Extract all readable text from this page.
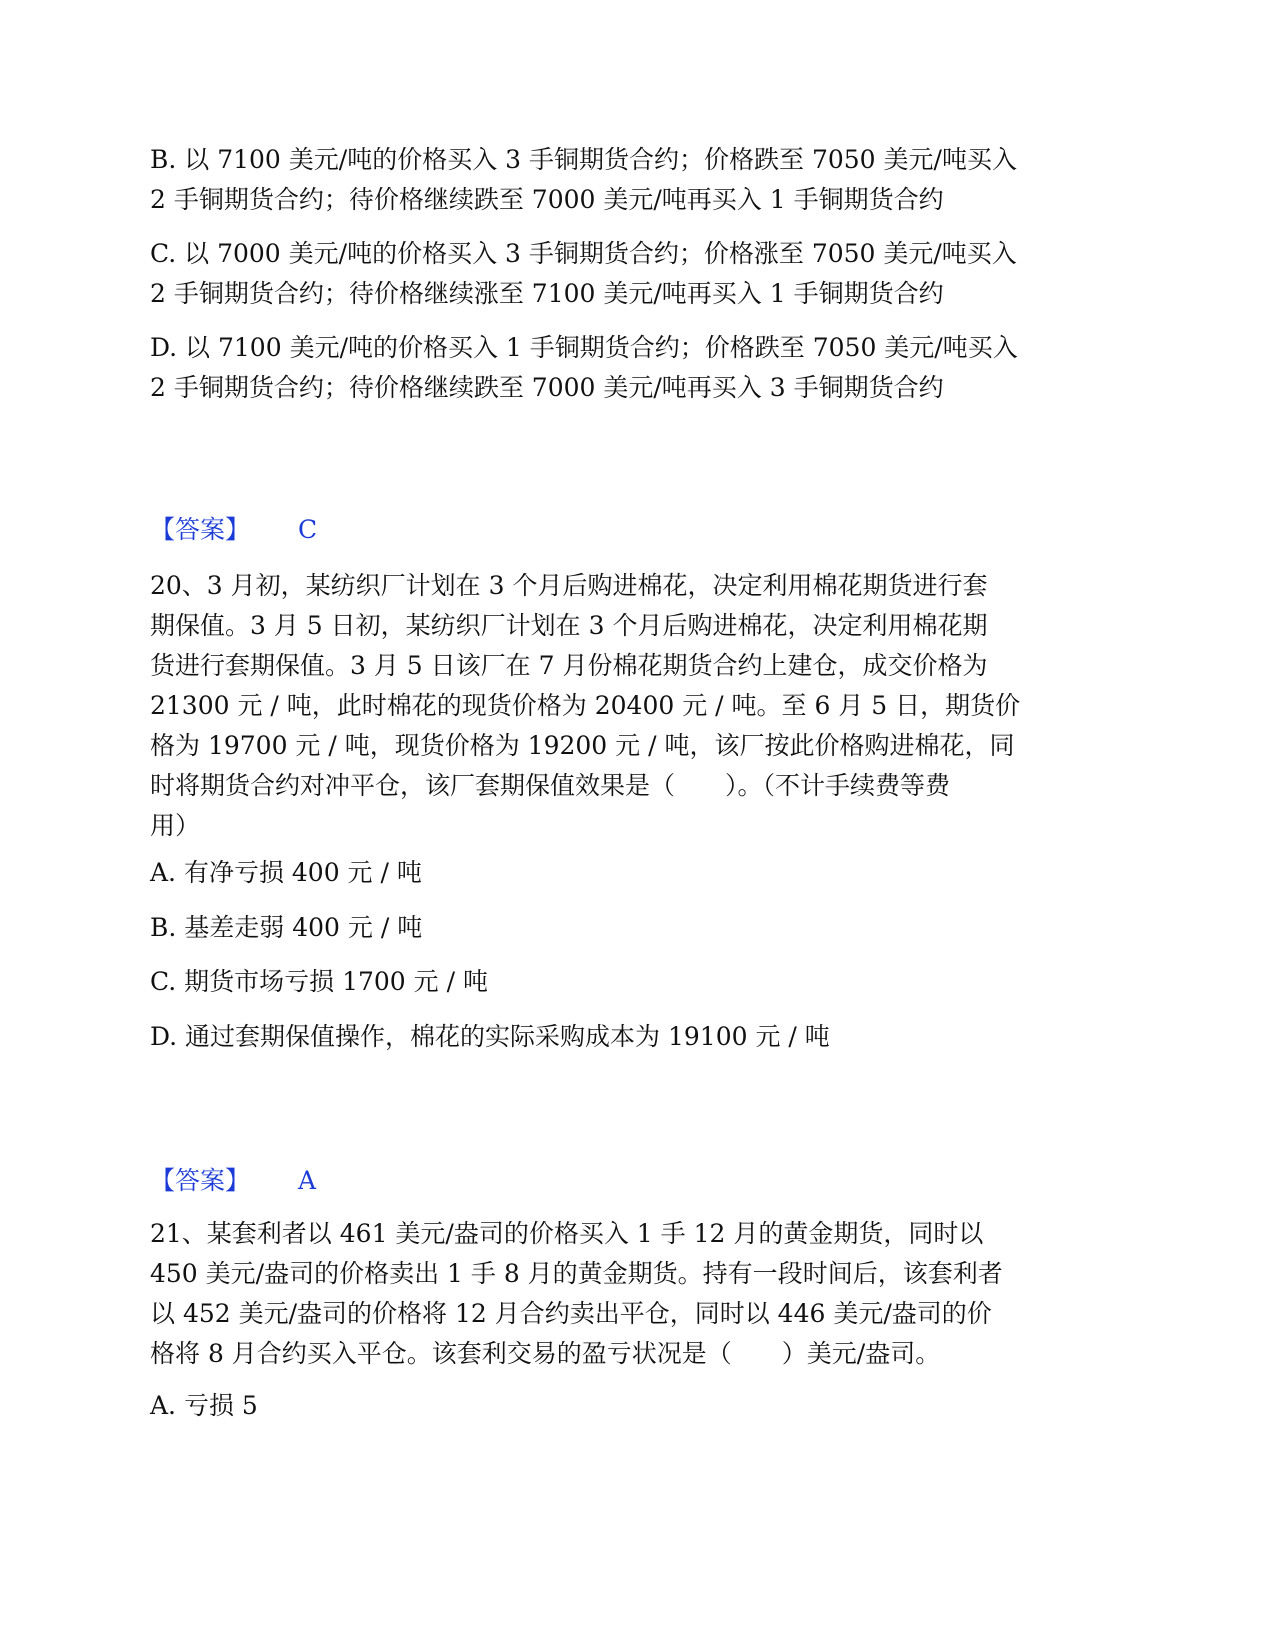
B. 以 7100 美元/吨的价格买入 3 手铜期货合约；价格跌至 7050 美元/吨买入
2 手铜期货合约；待价格继续跌至 7000 美元/吨再买入 1 手铜期货合约
C. 以 7000 美元/吨的价格买入 3 手铜期货合约；价格涨至 7050 美元/吨买入
2 手铜期货合约；待价格继续涨至 7100 美元/吨再买入 1 手铜期货合约
D. 以 7100 美元/吨的价格买入 1 手铜期货合约；价格跌至 7050 美元/吨买入
2 手铜期货合约；待价格继续跌至 7000 美元/吨再买入 3 手铜期货合约
【答案】 C
20、3 月初，某纺织厂计划在 3 个月后购进棉花，决定利用棉花期货进行套
期保值。3 月 5 日初，某纺织厂计划在 3 个月后购进棉花，决定利用棉花期
货进行套期保值。3 月 5 日该厂在 7 月份棉花期货合约上建仓，成交价格为
21300 元 / 吨，此时棉花的现货价格为 20400 元 / 吨。至 6 月 5 日，期货价
格为 19700 元 / 吨，现货价格为 19200 元 / 吨，该厂按此价格购进棉花，同
时将期货合约对冲平仓，该厂套期保值效果是（　　）。（不计手续费等费
用）
A. 有净亏损 400 元 / 吨
B. 基差走弱 400 元 / 吨
C. 期货市场亏损 1700 元 / 吨
D. 通过套期保值操作，棉花的实际采购成本为 19100 元 / 吨
【答案】 A
21、某套利者以 461 美元/盎司的价格买入 1 手 12 月的黄金期货，同时以
450 美元/盎司的价格卖出 1 手 8 月的黄金期货。持有一段时间后，该套利者
以 452 美元/盎司的价格将 12 月合约卖出平仓，同时以 446 美元/盎司的价
格将 8 月合约买入平仓。该套利交易的盈亏状况是（　　）美元/盎司。
A. 亏损 5
